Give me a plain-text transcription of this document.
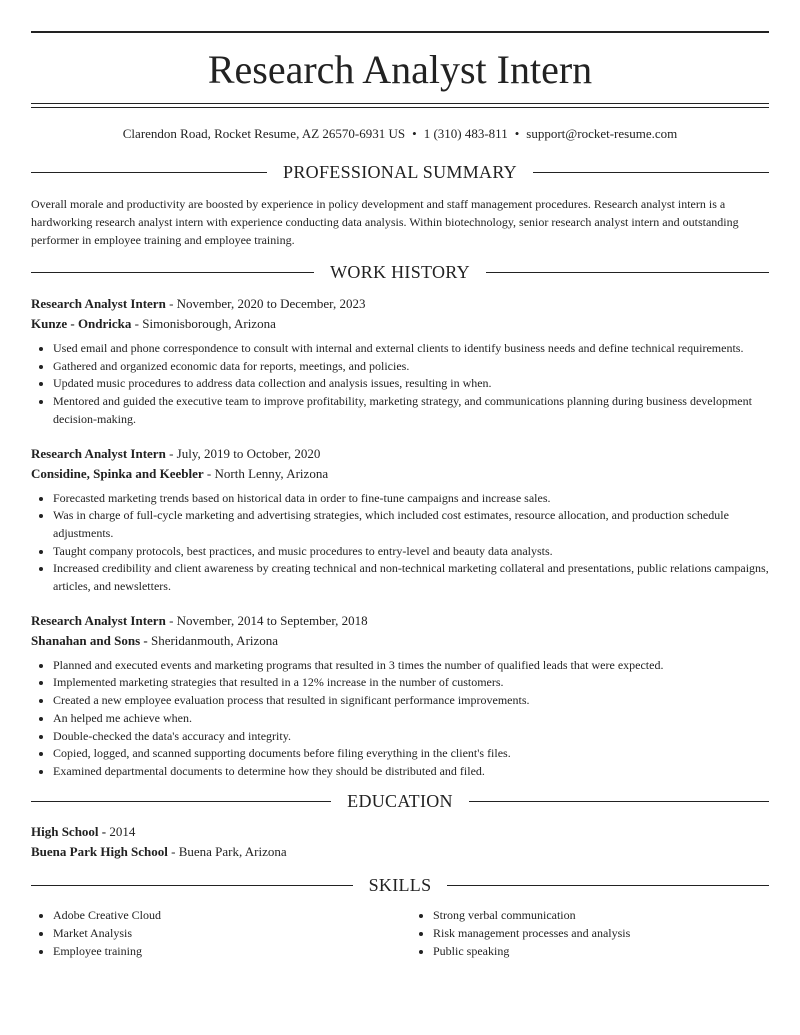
Research Analyst Intern
Clarendon Road, Rocket Resume, AZ 26570-6931 US • 1 (310) 483-811 • support@rocket-resume.com
PROFESSIONAL SUMMARY
Overall morale and productivity are boosted by experience in policy development and staff management procedures. Research analyst intern is a hardworking research analyst intern with experience conducting data analysis. Within biotechnology, senior research analyst intern and outstanding performer in employee training and employee training.
WORK HISTORY
Research Analyst Intern - November, 2020 to December, 2023
Kunze - Ondricka - Simonisborough, Arizona
• Used email and phone correspondence to consult with internal and external clients to identify business needs and define technical requirements.
• Gathered and organized economic data for reports, meetings, and policies.
• Updated music procedures to address data collection and analysis issues, resulting in when.
• Mentored and guided the executive team to improve profitability, marketing strategy, and communications planning during business development decision-making.
Research Analyst Intern - July, 2019 to October, 2020
Considine, Spinka and Keebler - North Lenny, Arizona
• Forecasted marketing trends based on historical data in order to fine-tune campaigns and increase sales.
• Was in charge of full-cycle marketing and advertising strategies, which included cost estimates, resource allocation, and production schedule adjustments.
• Taught company protocols, best practices, and music procedures to entry-level and beauty data analysts.
• Increased credibility and client awareness by creating technical and non-technical marketing collateral and presentations, public relations campaigns, articles, and newsletters.
Research Analyst Intern - November, 2014 to September, 2018
Shanahan and Sons - Sheridanmouth, Arizona
• Planned and executed events and marketing programs that resulted in 3 times the number of qualified leads that were expected.
• Implemented marketing strategies that resulted in a 12% increase in the number of customers.
• Created a new employee evaluation process that resulted in significant performance improvements.
• An helped me achieve when.
• Double-checked the data's accuracy and integrity.
• Copied, logged, and scanned supporting documents before filing everything in the client's files.
• Examined departmental documents to determine how they should be distributed and filed.
EDUCATION
High School - 2014
Buena Park High School - Buena Park, Arizona
SKILLS
• Adobe Creative Cloud
• Market Analysis
• Employee training
• Strong verbal communication
• Risk management processes and analysis
• Public speaking
